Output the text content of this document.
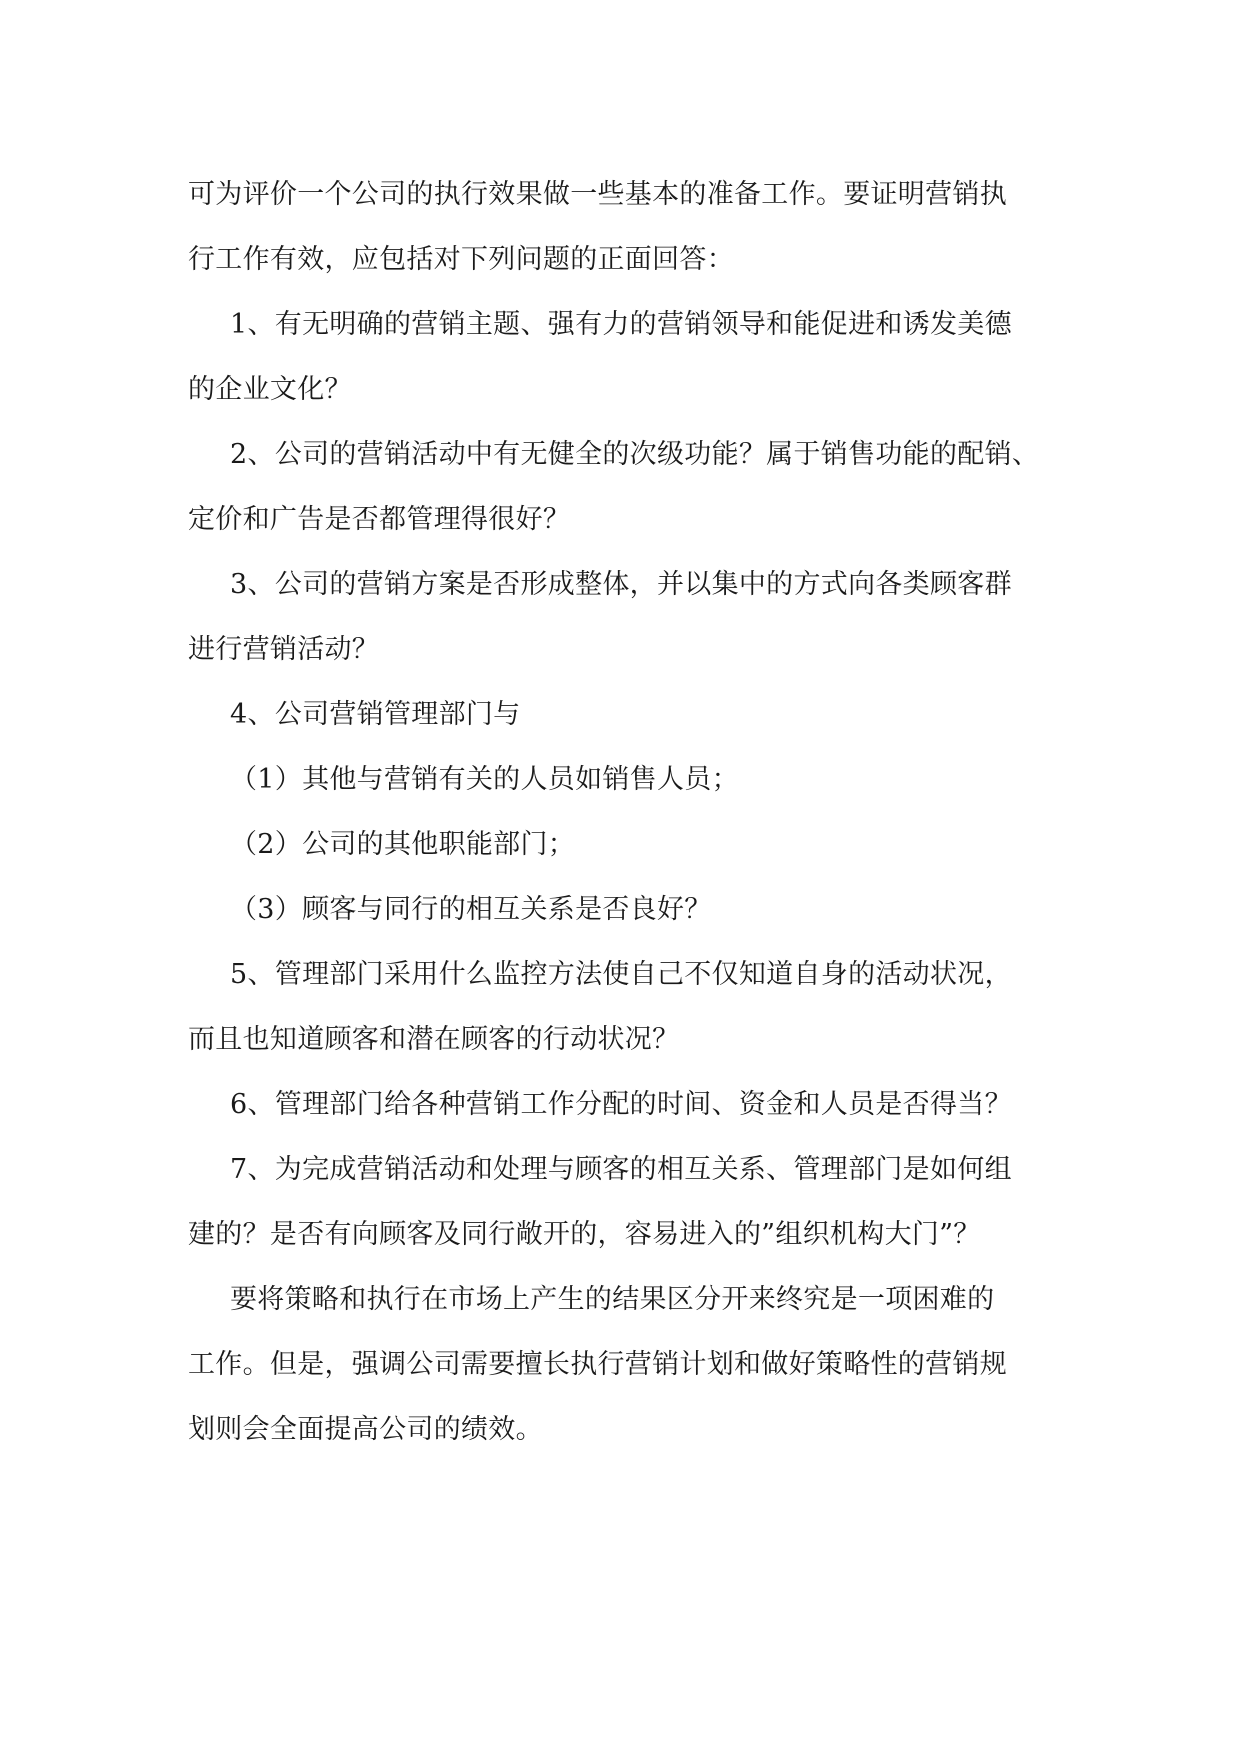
可为评价一个公司的执行效果做一些基本的准备工作。要证明营销执
行工作有效，应包括对下列问题的正面回答：
1、有无明确的营销主题、强有力的营销领导和能促进和诱发美德
的企业文化？
2、公司的营销活动中有无健全的次级功能？属于销售功能的配销、
定价和广告是否都管理得很好？
3、公司的营销方案是否形成整体，并以集中的方式向各类顾客群
进行营销活动？
4、公司营销管理部门与
（1）其他与营销有关的人员如销售人员；
（2）公司的其他职能部门；
（3）顾客与同行的相互关系是否良好？
5、管理部门采用什么监控方法使自己不仅知道自身的活动状况，
而且也知道顾客和潜在顾客的行动状况？
6、管理部门给各种营销工作分配的时间、资金和人员是否得当？
7、为完成营销活动和处理与顾客的相互关系、管理部门是如何组
建的？是否有向顾客及同行敞开的，容易进入的”组织机构大门”？
要将策略和执行在市场上产生的结果区分开来终究是一项困难的
工作。但是，强调公司需要擅长执行营销计划和做好策略性的营销规
划则会全面提高公司的绩效。
